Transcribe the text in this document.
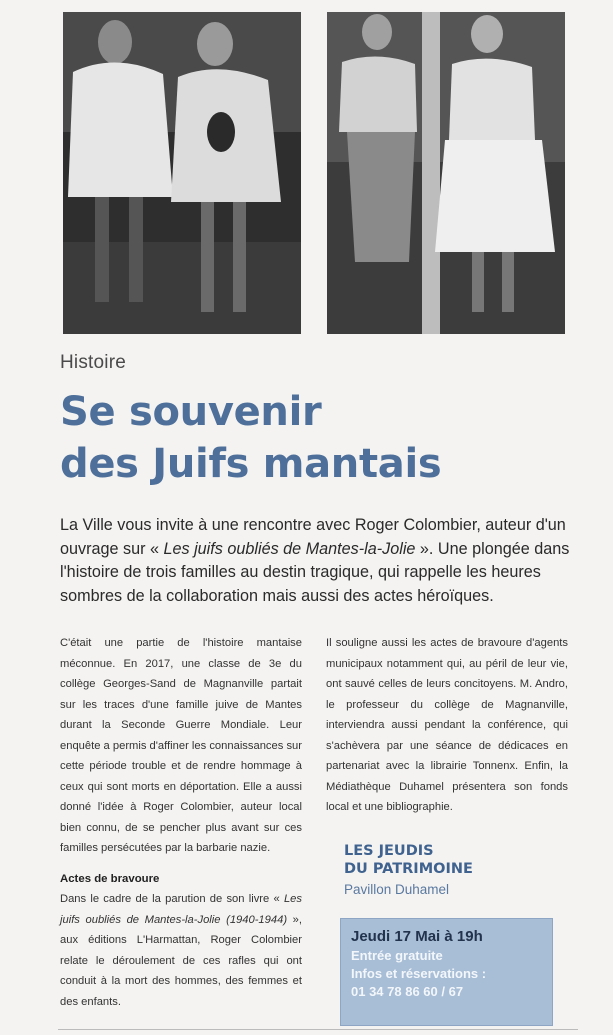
Histoire
Se souvenir
des Juifs mantais

La Ville vous invite à une rencontre avec Roger Colombier, auteur d'un ouvrage sur « Les juifs oubliés de Mantes-la-Jolie ». Une plongée dans l'histoire de trois familles au destin tragique, qui rappelle les heures sombres de la collaboration mais aussi des actes héroïques.

C'était une partie de l'histoire mantaise méconnue. En 2017, une classe de 3e du collège Georges-Sand de Magnanville partait sur les traces d'une famille juive de Mantes durant la Seconde Guerre Mondiale. Leur enquête a permis d'affiner les connaissances sur cette période trouble et de rendre hommage à ceux qui sont morts en déportation. Elle a aussi donné l'idée à Roger Colombier, auteur local bien connu, de se pencher plus avant sur ces familles persécutées par la barbarie nazie.

Actes de bravoure

Dans le cadre de la parution de son livre « Les juifs oubliés de Mantes-la-Jolie (1940-1944) », aux éditions L'Harmattan, Roger Colombier relate le déroulement de ces rafles qui ont conduit à la mort des hommes, des femmes et des enfants.

Il souligne aussi les actes de bravoure d'agents municipaux notamment qui, au péril de leur vie, ont sauvé celles de leurs concitoyens. M. Andro, le professeur du collège de Magnanville, interviendra aussi pendant la conférence, qui s'achèvera par une séance de dédicaces en partenariat avec la librairie Tonnenx. Enfin, la Médiathèque Duhamel présentera son fonds local et une bibliographie.

LES JEUDIS
DU PATRIMOINE
Pavillon Duhamel
Jeudi 17 Mai à 19h
Entrée gratuite
Infos et réservations :
01 34 78 86 60 / 67
